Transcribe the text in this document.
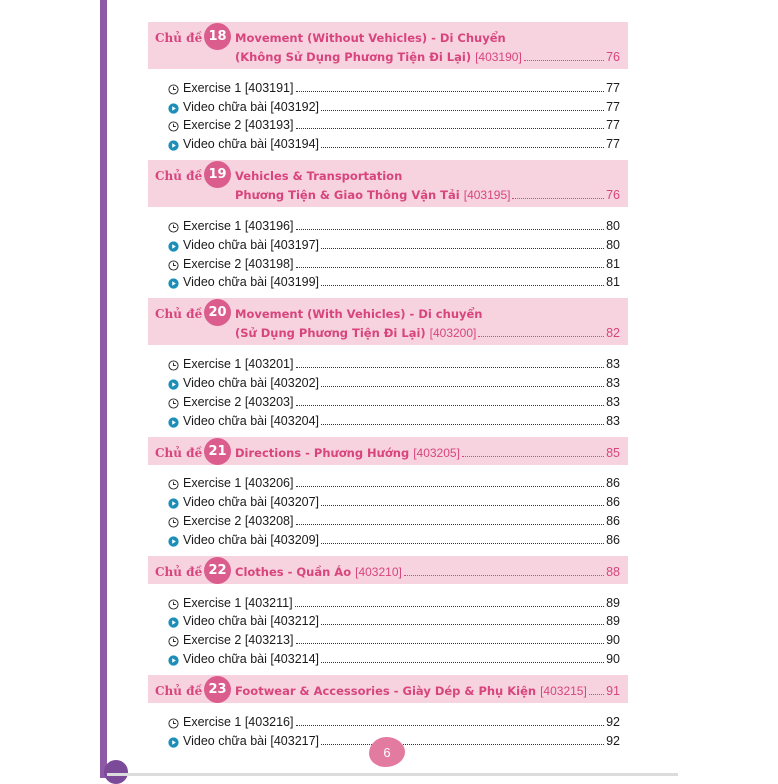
18
Chủ đề	Movement (Without Vehicles) - Di Chuyển
(Không Sử Dụng Phương Tiện Đi Lại) [403190]	76
Exercise 1 [403191]	77
Video chữa bài [403192]	77
Exercise 2 [403193]	77
Video chữa bài [403194]	77
19
Chủ đề	Vehicles & Transportation
Phương Tiện & Giao Thông Vận Tải [403195]	76
Exercise 1 [403196]	80
Video chữa bài [403197]	80
Exercise 2 [403198]	81
Video chữa bài [403199]	81
20
Chủ đề	Movement (With Vehicles) - Di chuyển
(Sử Dụng Phương Tiện Đi Lại) [403200]	82
Exercise 1 [403201]	83
Video chữa bài [403202]	83
Exercise 2 [403203]	83
Video chữa bài [403204]	83
21
Chủ đề	Directions - Phương Hướng [403205]	85
Exercise 1 [403206]	86
Video chữa bài [403207]	86
Exercise 2 [403208]	86
Video chữa bài [403209]	86
22
Chủ đề	Clothes - Quần Áo [403210]	88
Exercise 1 [403211]	89
Video chữa bài [403212]	89
Exercise 2 [403213]	90
Video chữa bài [403214]	90
23
Chủ đề	Footwear & Accessories - Giày Dép & Phụ Kiện [403215] 91
Exercise 1 [403216]	92
Video chữa bài [403217]	92
6
